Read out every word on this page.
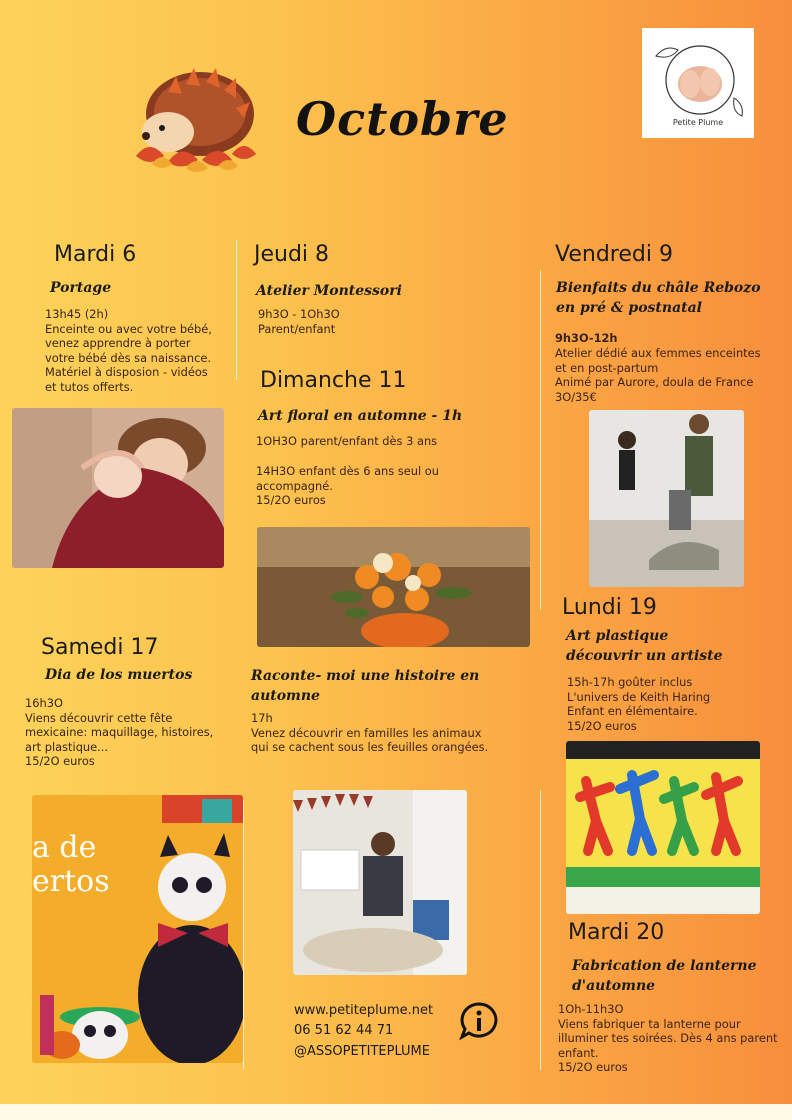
Octobre	Petite Plume
Mardi 6
Portage
13h45 (2h)
Enceinte ou avec votre bébé,
venez apprendre à porter
votre bébé dès sa naissance.
Matériel à disposion - vidéos
et tutos offerts.
Jeudi 8
Atelier Montessori
9h3O - 1Oh3O
Parent/enfant
Dimanche 11
Art floral en automne - 1h
1OH3O parent/enfant dès 3 ans
14H3O enfant dès 6 ans seul ou
accompagné.
15/2O euros
Vendredi 9
Bienfaits du châle Rebozo
en pré & postnatal
9h3O-12h
Atelier dédié aux femmes enceintes
et en post-partum
Animé par Aurore, doula de France
3O/35€
Lundi 19
Art plastique
découvrir un artiste
15h-17h goûter inclus
L'univers de Keith Haring
Enfant en élémentaire.
15/2O euros
Samedi 17
Dia de los muertos
16h3O
Viens découvrir cette fête
mexicaine: maquillage, histoires,
art plastique...
15/2O euros
a de
ertos
Raconte- moi une histoire en
automne
17h
Venez découvrir en familles les animaux
qui se cachent sous les feuilles orangées.
Mardi 20
Fabrication de lanterne
d'automne
1Oh-11h3O
Viens fabriquer ta lanterne pour
illuminer tes soirées. Dès 4 ans parent
enfant.
15/2O euros
www.petiteplume.net
06 51 62 44 71
@ASSOPETITEPLUME
